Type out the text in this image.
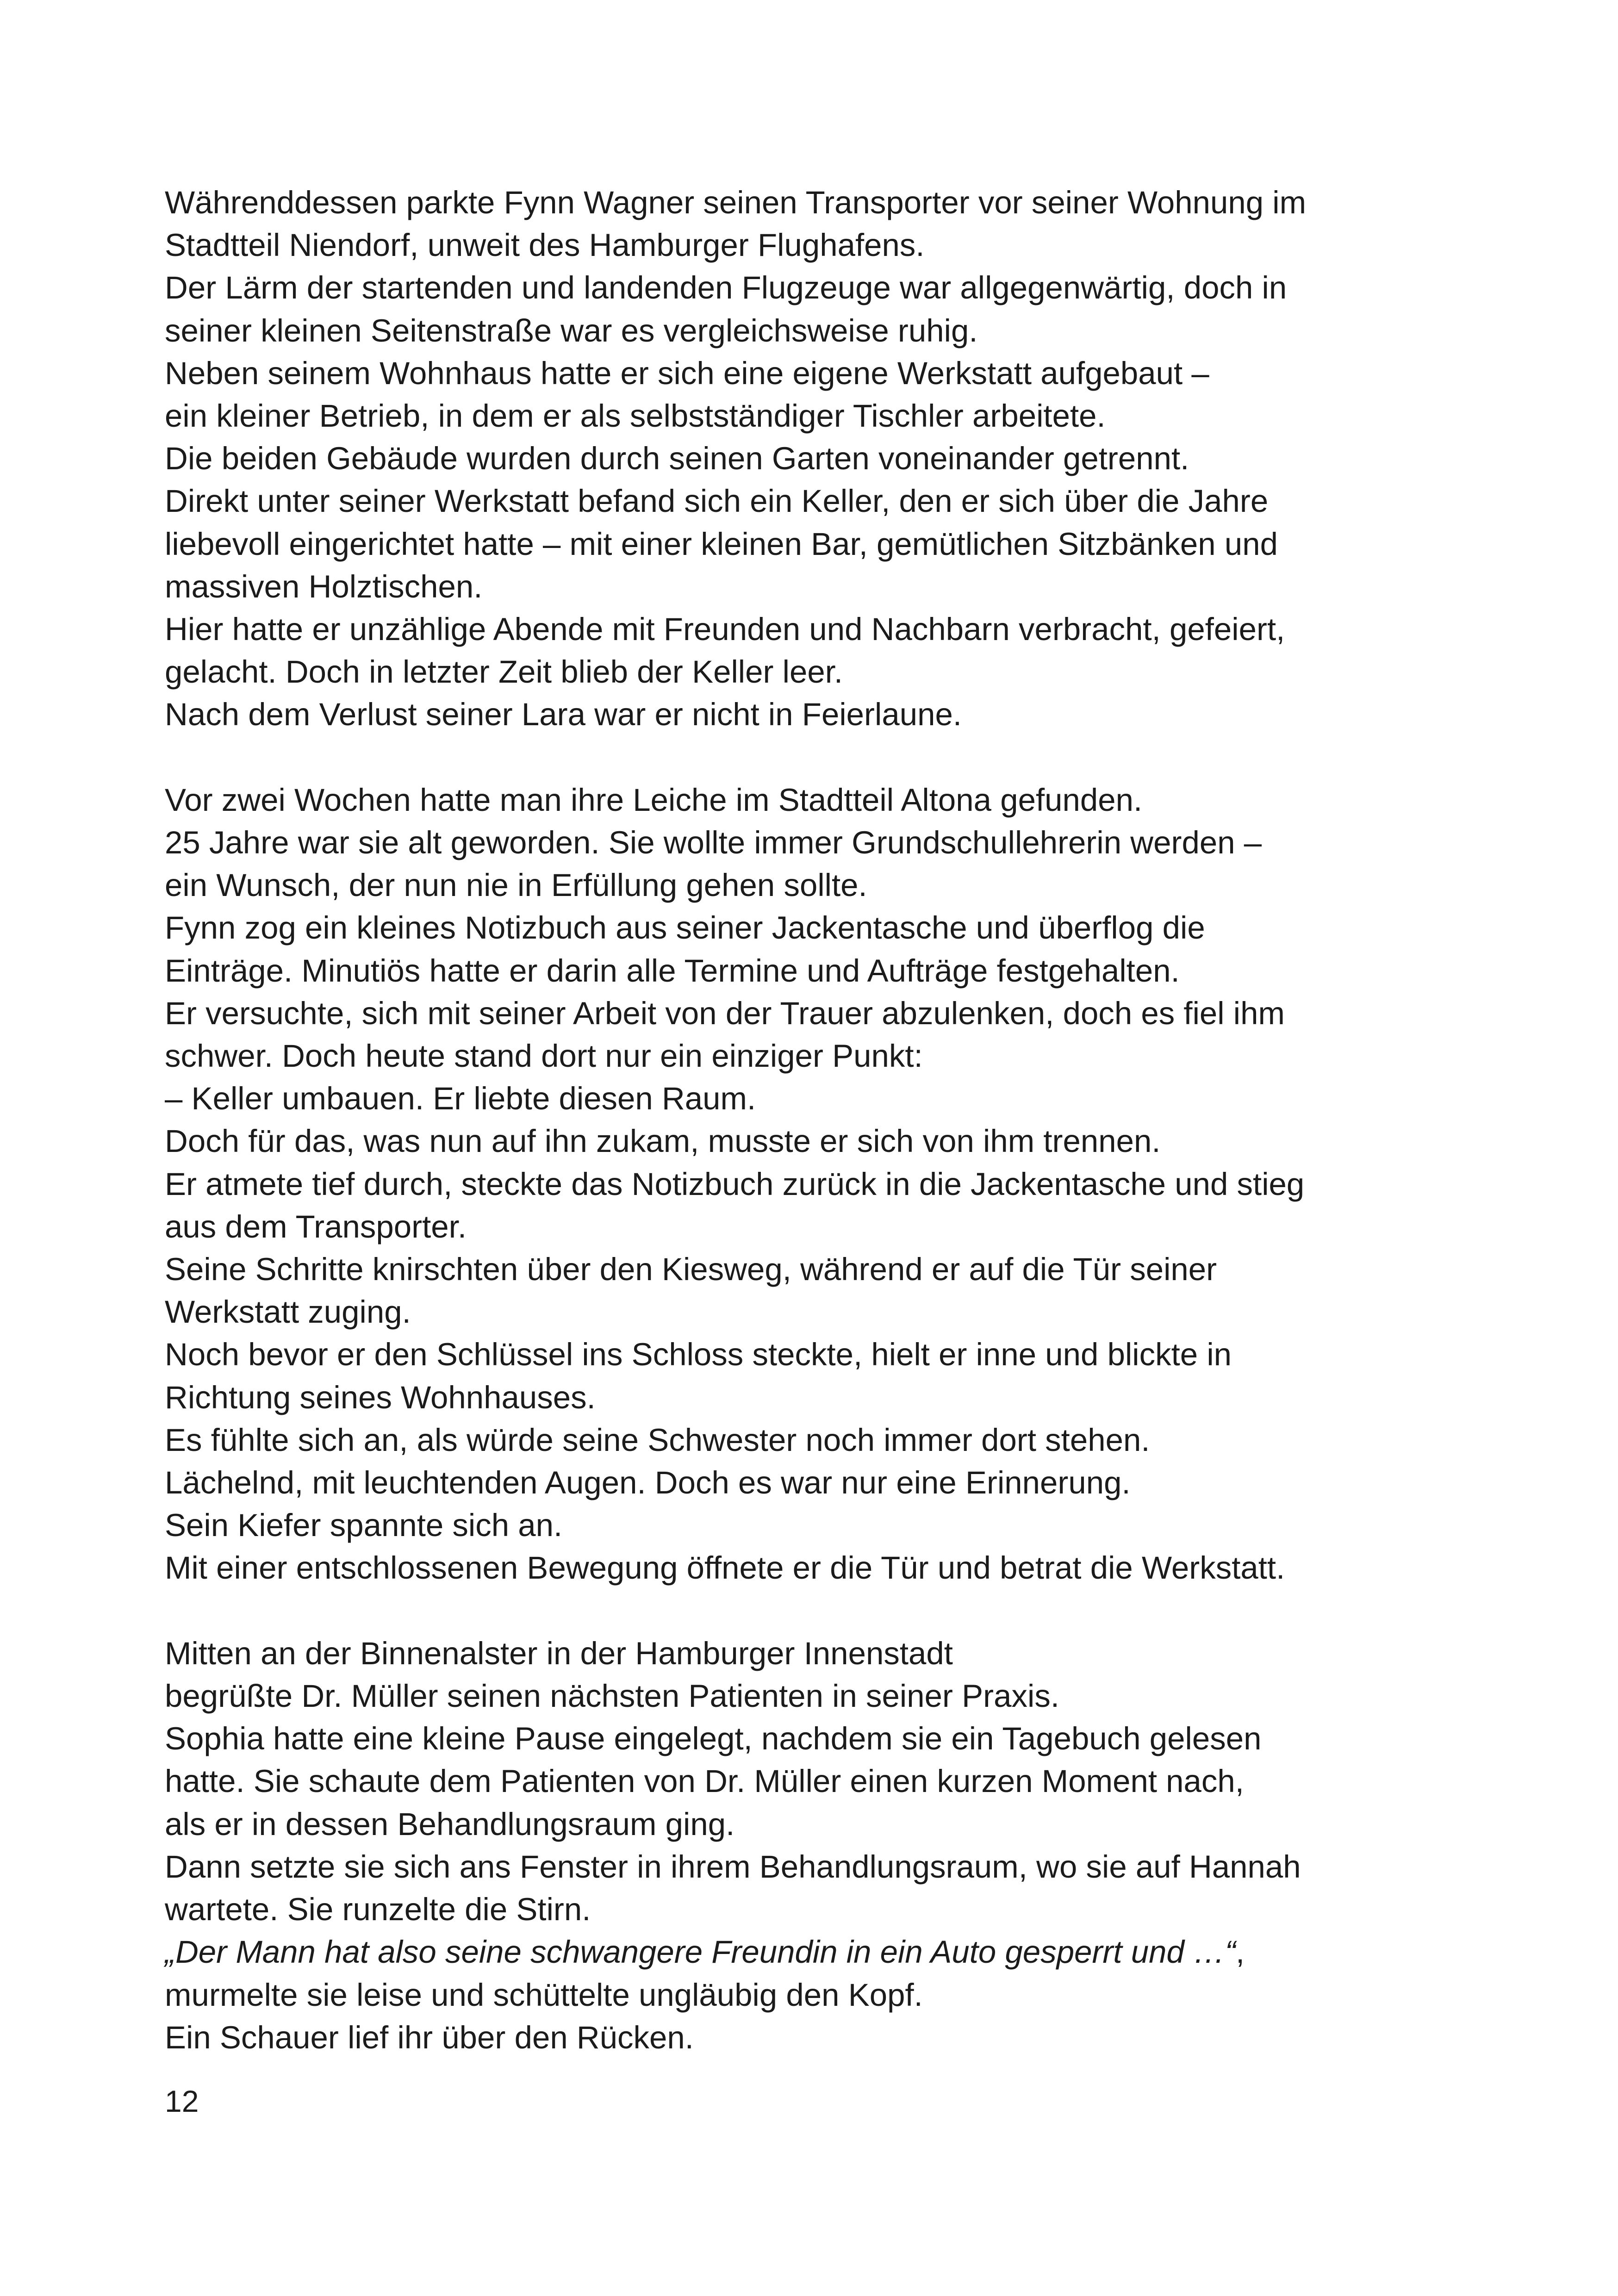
Währenddessen parkte Fynn Wagner seinen Transporter vor seiner Wohnung im
Stadtteil Niendorf, unweit des Hamburger Flughafens.
Der Lärm der startenden und landenden Flugzeuge war allgegenwärtig, doch in
seiner kleinen Seitenstraße war es vergleichsweise ruhig.
Neben seinem Wohnhaus hatte er sich eine eigene Werkstatt aufgebaut –
ein kleiner Betrieb, in dem er als selbstständiger Tischler arbeitete.
Die beiden Gebäude wurden durch seinen Garten voneinander getrennt.
Direkt unter seiner Werkstatt befand sich ein Keller, den er sich über die Jahre
liebevoll eingerichtet hatte – mit einer kleinen Bar, gemütlichen Sitzbänken und
massiven Holztischen.
Hier hatte er unzählige Abende mit Freunden und Nachbarn verbracht, gefeiert,
gelacht. Doch in letzter Zeit blieb der Keller leer.
Nach dem Verlust seiner Lara war er nicht in Feierlaune.
Vor zwei Wochen hatte man ihre Leiche im Stadtteil Altona gefunden.
25 Jahre war sie alt geworden. Sie wollte immer Grundschullehrerin werden –
ein Wunsch, der nun nie in Erfüllung gehen sollte.
Fynn zog ein kleines Notizbuch aus seiner Jackentasche und überflog die
Einträge. Minutiös hatte er darin alle Termine und Aufträge festgehalten.
Er versuchte, sich mit seiner Arbeit von der Trauer abzulenken, doch es fiel ihm
schwer. Doch heute stand dort nur ein einziger Punkt:
– Keller umbauen. Er liebte diesen Raum.
Doch für das, was nun auf ihn zukam, musste er sich von ihm trennen.
Er atmete tief durch, steckte das Notizbuch zurück in die Jackentasche und stieg
aus dem Transporter.
Seine Schritte knirschten über den Kiesweg, während er auf die Tür seiner
Werkstatt zuging.
Noch bevor er den Schlüssel ins Schloss steckte, hielt er inne und blickte in
Richtung seines Wohnhauses.
Es fühlte sich an, als würde seine Schwester noch immer dort stehen.
Lächelnd, mit leuchtenden Augen. Doch es war nur eine Erinnerung.
Sein Kiefer spannte sich an.
Mit einer entschlossenen Bewegung öffnete er die Tür und betrat die Werkstatt.
Mitten an der Binnenalster in der Hamburger Innenstadt
begrüßte Dr. Müller seinen nächsten Patienten in seiner Praxis.
Sophia hatte eine kleine Pause eingelegt, nachdem sie ein Tagebuch gelesen
hatte. Sie schaute dem Patienten von Dr. Müller einen kurzen Moment nach,
als er in dessen Behandlungsraum ging.
Dann setzte sie sich ans Fenster in ihrem Behandlungsraum, wo sie auf Hannah
wartete. Sie runzelte die Stirn.
„Der Mann hat also seine schwangere Freundin in ein Auto gesperrt und …“,
murmelte sie leise und schüttelte ungläubig den Kopf.
Ein Schauer lief ihr über den Rücken.
12
